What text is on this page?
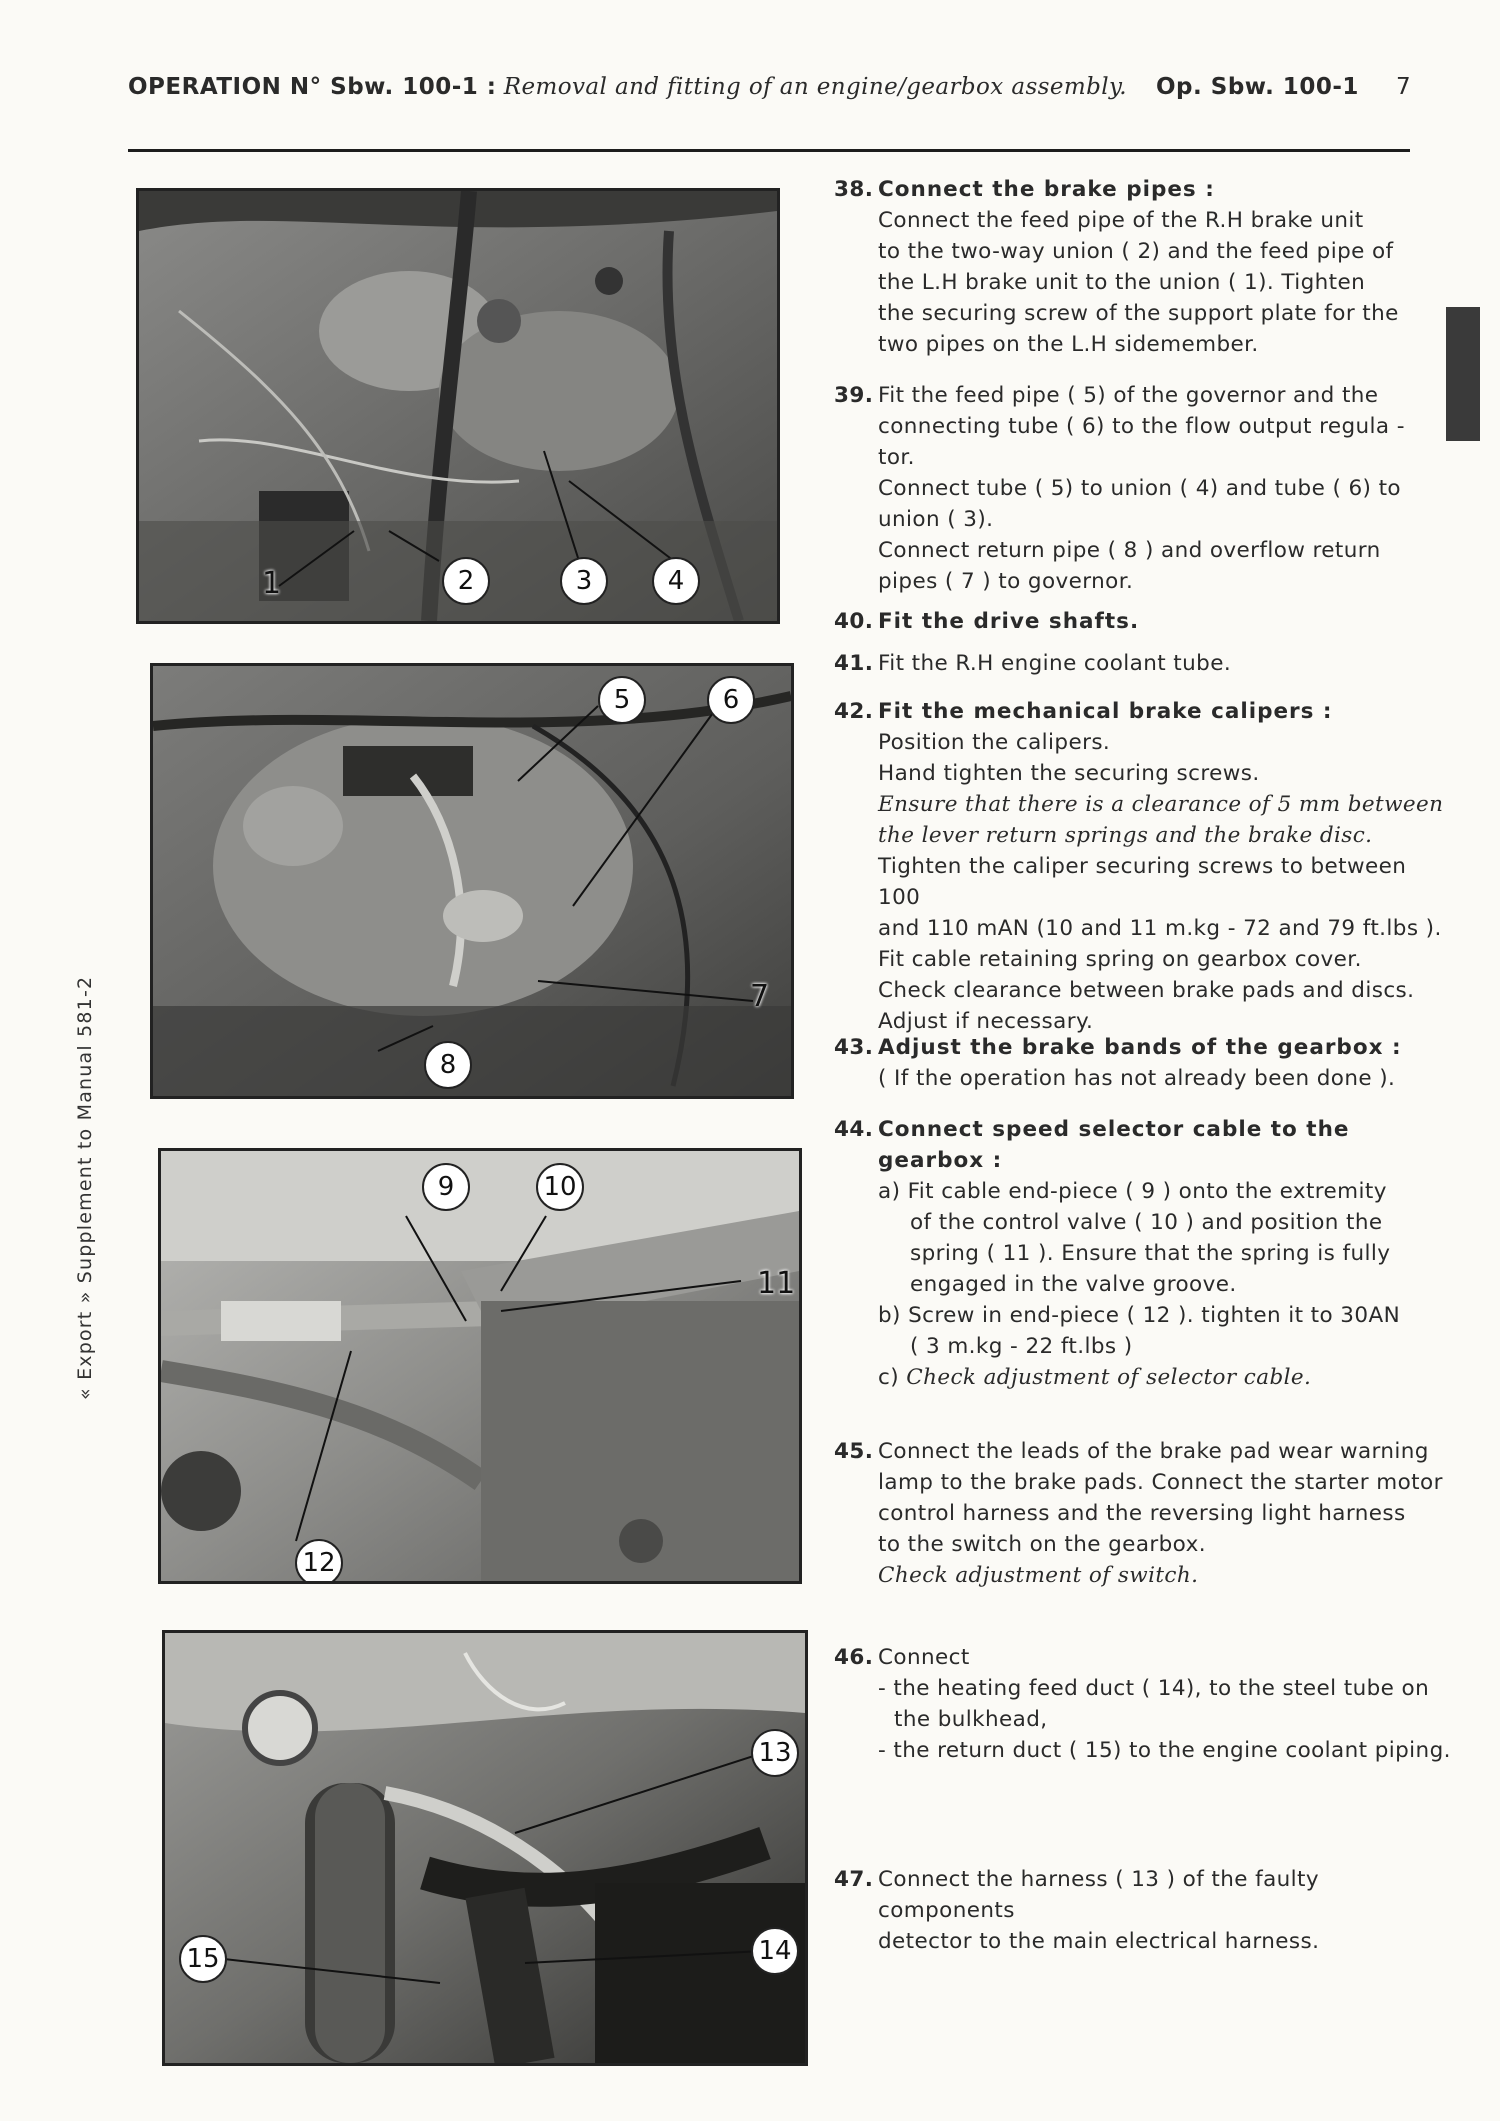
OPERATION N° Sbw. 100-1 : Removal and fitting of an engine/gearbox assembly. Op. Sbw. 100-1 7
« Export » Supplement to Manual 581-2
1	2	3	4
5	6
7
8
9	10
11
12
13
14
15
38. Connect the brake pipes :
Connect the feed pipe of the R.H brake unit
to the two-way union ( 2) and the feed pipe of
the L.H brake unit to the union ( 1). Tighten
the securing screw of the support plate for the
two pipes on the L.H sidemember.
39. Fit the feed pipe ( 5) of the governor and the
connecting tube ( 6) to the flow output regula -
tor.
Connect tube ( 5) to union ( 4) and tube ( 6) to
union ( 3).
Connect return pipe ( 8 ) and overflow return
pipes ( 7 ) to governor.
40. Fit the drive shafts.
41. Fit the R.H engine coolant tube.
42. Fit the mechanical brake calipers :
Position the calipers.
Hand tighten the securing screws.
Ensure that there is a clearance of 5 mm between
the lever return springs and the brake disc.
Tighten the caliper securing screws to between 100
and 110 mAN (10 and 11 m.kg - 72 and 79 ft.lbs ).
Fit cable retaining spring on gearbox cover.
Check clearance between brake pads and discs.
Adjust if necessary.
43. Adjust the brake bands of the gearbox :
( If the operation has not already been done ).
44. Connect speed selector cable to the gearbox :
a) Fit cable end-piece ( 9 ) onto the extremity
of the control valve ( 10 ) and position the
spring ( 11 ). Ensure that the spring is fully
engaged in the valve groove.
b) Screw in end-piece ( 12 ). tighten it to 30AN
( 3 m.kg - 22 ft.lbs )
c) Check adjustment of selector cable.
45. Connect the leads of the brake pad wear warning
lamp to the brake pads. Connect the starter motor
control harness and the reversing light harness
to the switch on the gearbox.
Check adjustment of switch.
46. Connect
- the heating feed duct ( 14), to the steel tube on
the bulkhead,
- the return duct ( 15) to the engine coolant piping.
47. Connect the harness ( 13 ) of the faulty components
detector to the main electrical harness.
